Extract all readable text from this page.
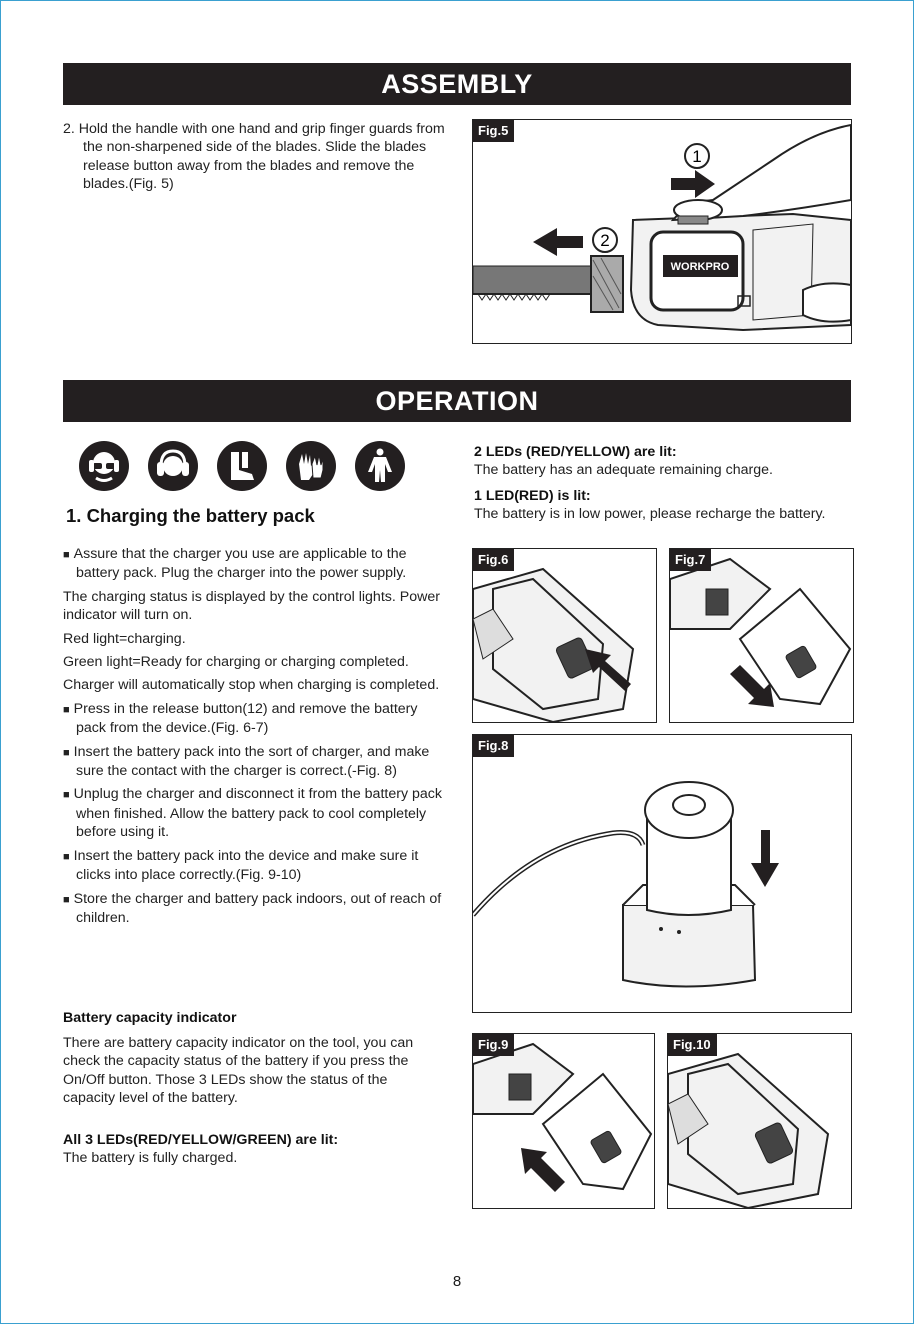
ASSEMBLY
2. Hold the handle with one hand and grip finger guards from the non-sharpened side of the blades. Slide the blades release button away from the blades and remove the blades.(Fig. 5)
Fig.5
WORKPRO
1
2
OPERATION
1. Charging the battery pack
■ Assure that the charger you use are applicable to the battery pack. Plug the charger into the power supply.

The charging status is displayed by the control lights. Power indicator will turn on.

Red light=charging.

Green light=Ready for charging or charging completed.

Charger will automatically stop when charging is completed.

■ Press in the release button(12) and remove the battery pack from the device.(Fig. 6-7)
■ Insert the battery pack into the sort of charger, and make sure the contact with the charger is correct.(-Fig. 8)
■ Unplug the charger and disconnect it from the battery pack when finished. Allow the battery pack to cool completely before using it.
■ Insert the battery pack into the device and make sure it clicks into place correctly.(Fig. 9-10)
■ Store the charger and battery pack indoors, out of reach of children.
Battery capacity indicator
There are battery capacity indicator on the tool, you can check the capacity status of the battery if you press the On/Off button. Those 3 LEDs show the status of the capacity level of the battery.
All 3 LEDs(RED/YELLOW/GREEN) are lit:
The battery is fully charged.
2 LEDs (RED/YELLOW) are lit:
The battery has an adequate remaining charge.
1 LED(RED) is lit:
The battery is in low power, please recharge the battery.
Fig.6	Fig.7
Fig.8
Fig.9	Fig.10
8
